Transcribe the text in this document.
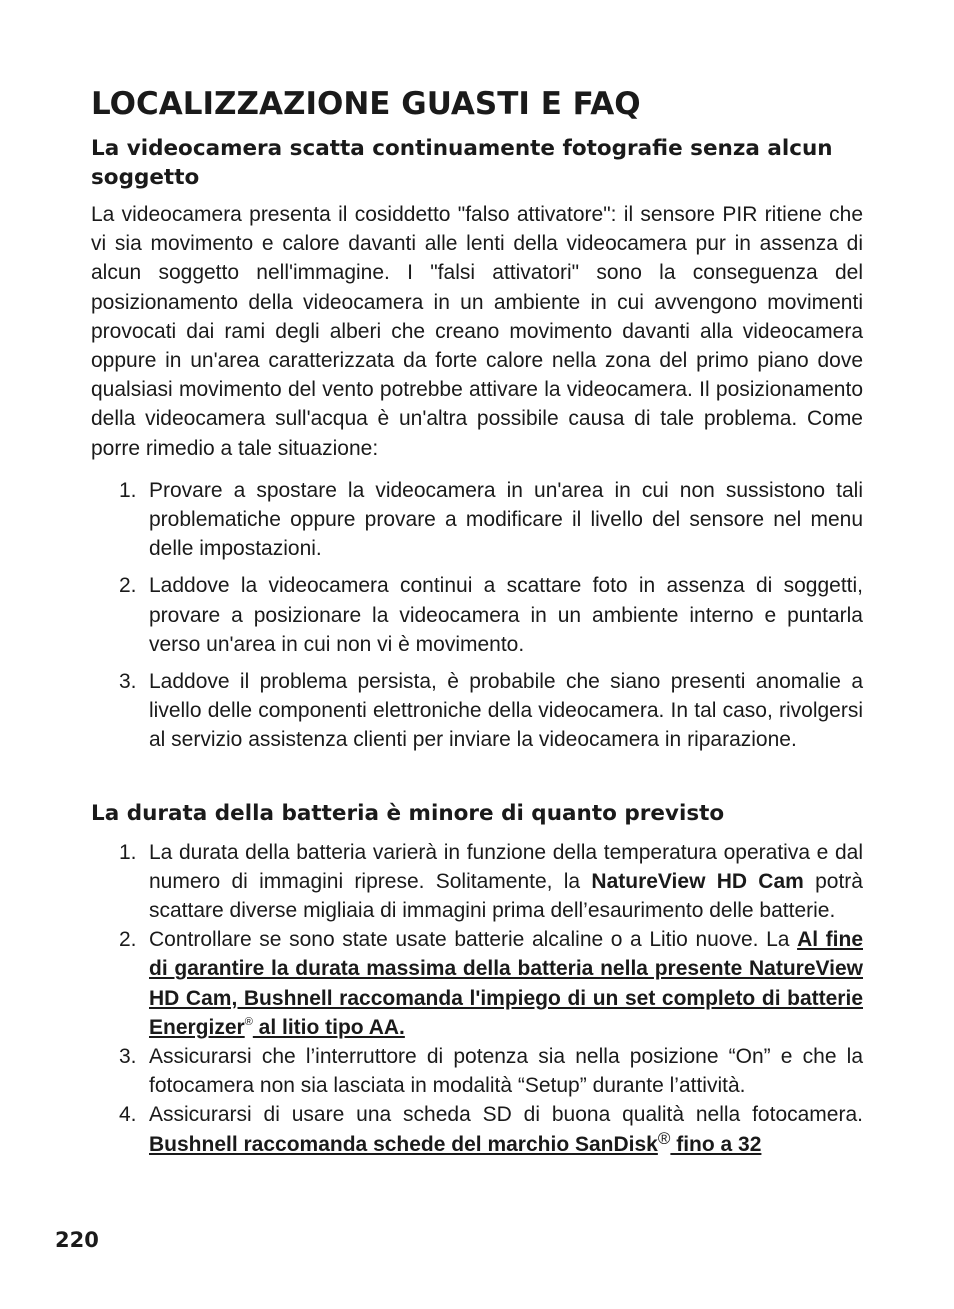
LOCALIZZAZIONE GUASTI E FAQ
La videocamera scatta continuamente fotografie senza alcun soggetto

La videocamera presenta il cosiddetto "falso attivatore": il sensore PIR ritiene che vi sia movimento e calore davanti alle lenti della videocamera pur in assenza di alcun soggetto nell'immagine. I "falsi attivatori" sono la conseguenza del posizionamento della videocamera in un ambiente in cui avvengono movimenti provocati dai rami degli alberi che creano movimento davanti alla videocamera oppure in un'area caratterizzata da forte calore nella zona del primo piano dove qualsiasi movimento del vento potrebbe attivare la videocamera. Il posizionamento della videocamera sull'acqua è un'altra possibile causa di tale problema. Come porre rimedio a tale situazione:

1. Provare a spostare la videocamera in un'area in cui non sussistono tali problematiche oppure provare a modificare il livello del sensore nel menu delle impostazioni.
2. Laddove la videocamera continui a scattare foto in assenza di soggetti, provare a posizionare la videocamera in un ambiente interno e puntarla verso un'area in cui non vi è movimento.
3. Laddove il problema persista, è probabile che siano presenti anomalie a livello delle componenti elettroniche della videocamera. In tal caso, rivolgersi al servizio assistenza clienti per inviare la videocamera in riparazione.
La durata della batteria è minore di quanto previsto
1. La durata della batteria varierà in funzione della temperatura operativa e dal numero di immagini riprese. Solitamente, la NatureView HD Cam potrà scattare diverse migliaia di immagini prima dell’esaurimento delle batterie.
2. Controllare se sono state usate batterie alcaline o a Litio nuove. La Al fine di garantire la durata massima della batteria nella presente NatureView HD Cam, Bushnell raccomanda l'impiego di un set completo di batterie Energizer® al litio tipo AA.
3. Assicurarsi che l’interruttore di potenza sia nella posizione “On” e che la fotocamera non sia lasciata in modalità “Setup” durante l’attività.
4. Assicurarsi di usare una scheda SD di buona qualità nella fotocamera. Bushnell raccomanda schede del marchio SanDisk® fino a 32
220
